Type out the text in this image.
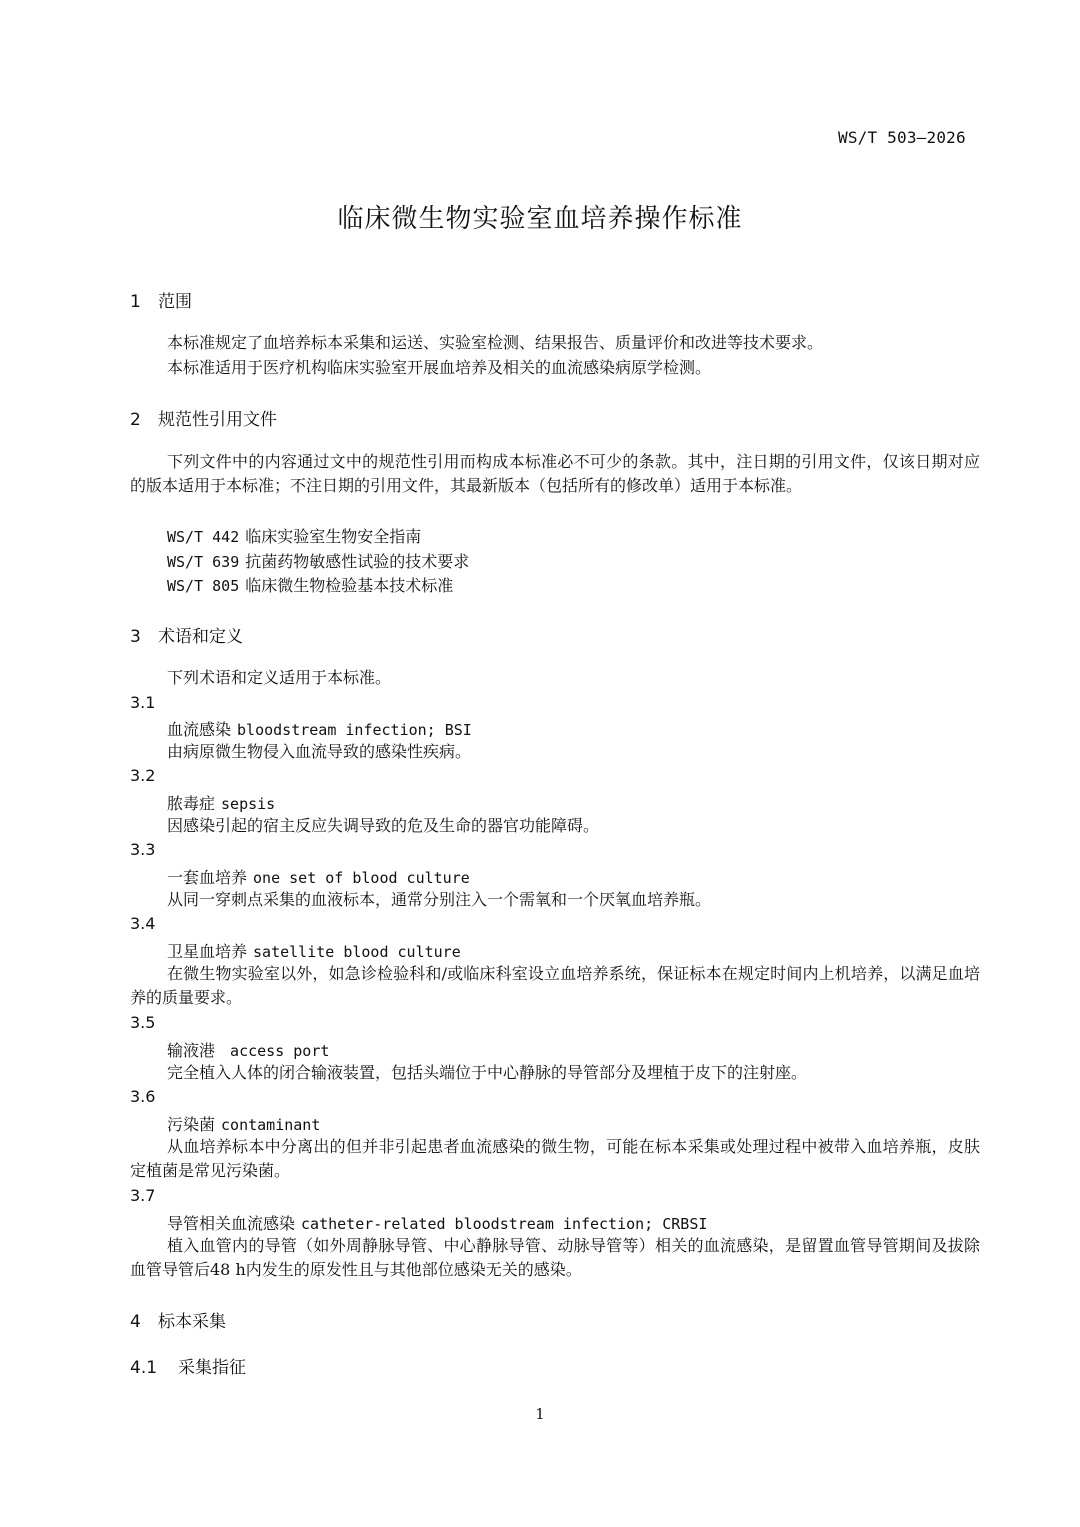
WS/T 503—2026
临床微生物实验室血培养操作标准
1 范围
本标准规定了血培养标本采集和运送、实验室检测、结果报告、质量评价和改进等技术要求。
本标准适用于医疗机构临床实验室开展血培养及相关的血流感染病原学检测。
2 规范性引用文件
下列文件中的内容通过文中的规范性引用而构成本标准必不可少的条款。其中，注日期的引用文件，仅该日期对应的版本适用于本标准；不注日期的引用文件，其最新版本（包括所有的修改单）适用于本标准。
WS/T 442 临床实验室生物安全指南
WS/T 639 抗菌药物敏感性试验的技术要求
WS/T 805 临床微生物检验基本技术标准
3 术语和定义
下列术语和定义适用于本标准。
3.1
血流感染 bloodstream infection; BSI
由病原微生物侵入血流导致的感染性疾病。
3.2
脓毒症 sepsis
因感染引起的宿主反应失调导致的危及生命的器官功能障碍。
3.3
一套血培养 one set of blood culture
从同一穿刺点采集的血液标本，通常分别注入一个需氧和一个厌氧血培养瓶。
3.4
卫星血培养 satellite blood culture
在微生物实验室以外，如急诊检验科和/或临床科室设立血培养系统，保证标本在规定时间内上机培养，以满足血培养的质量要求。
3.5
输液港 access port
完全植入人体的闭合输液装置，包括头端位于中心静脉的导管部分及埋植于皮下的注射座。
3.6
污染菌 contaminant
从血培养标本中分离出的但并非引起患者血流感染的微生物，可能在标本采集或处理过程中被带入血培养瓶，皮肤定植菌是常见污染菌。
3.7
导管相关血流感染 catheter-related bloodstream infection; CRBSI
植入血管内的导管（如外周静脉导管、中心静脉导管、动脉导管等）相关的血流感染，是留置血管导管期间及拔除血管导管后48 h内发生的原发性且与其他部位感染无关的感染。
4 标本采集
4.1 采集指征
1
